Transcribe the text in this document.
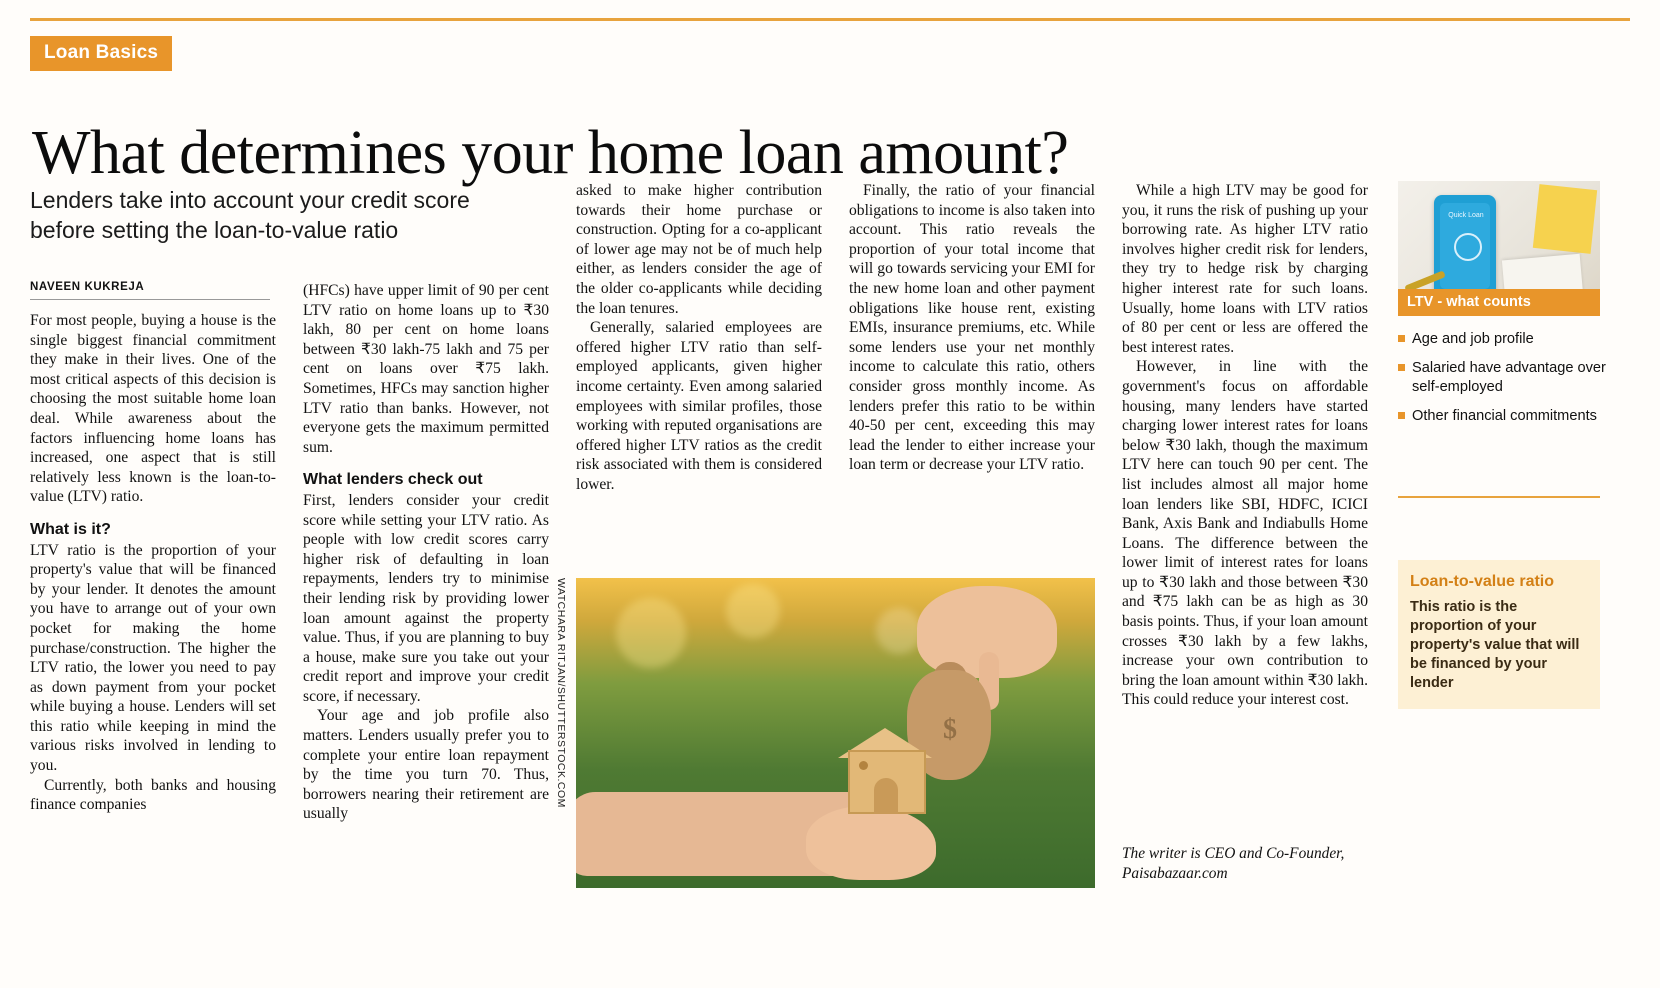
Loan Basics
What determines your home loan amount?
Lenders take into account your credit score before setting the loan-to-value ratio
NAVEEN KUKREJA

For most people, buying a house is the single biggest financial commitment they make in their lives. One of the most critical aspects of this decision is choosing the most suitable home loan deal. While awareness about the factors influencing home loans has increased, one aspect that is still relatively less known is the loan-to-value (LTV) ratio.

What is it?

LTV ratio is the proportion of your property's value that will be financed by your lender. It denotes the amount you have to arrange out of your own pocket for making the home purchase/construction. The higher the LTV ratio, the lower you need to pay as down payment from your pocket while buying a house. Lenders will set this ratio while keeping in mind the various risks involved in lending to you.

Currently, both banks and housing finance companies

(HFCs) have upper limit of 90 per cent LTV ratio on home loans up to ₹30 lakh, 80 per cent on home loans between ₹30 lakh-75 lakh and 75 per cent on loans over ₹75 lakh. Sometimes, HFCs may sanction higher LTV ratio than banks. However, not everyone gets the maximum permitted sum.

What lenders check out

First, lenders consider your credit score while setting your LTV ratio. As people with low credit scores carry higher risk of defaulting in loan repayments, lenders try to minimise their lending risk by providing lower loan amount against the property value. Thus, if you are planning to buy a house, make sure you take out your credit report and improve your credit score, if necessary.

Your age and job profile also matters. Lenders usually prefer you to complete your entire loan repayment by the time you turn 70. Thus, borrowers nearing their retirement are usually

asked to make higher contribution towards their home purchase or construction. Opting for a co-applicant of lower age may not be of much help either, as lenders consider the age of the older co-applicants while deciding the loan tenures.

Generally, salaried employees are offered higher LTV ratio than self-employed applicants, given higher income certainty. Even among salaried employees with similar profiles, those working with reputed organisations are offered higher LTV ratios as the credit risk associated with them is considered lower.

Finally, the ratio of your financial obligations to income is also taken into account. This ratio reveals the proportion of your total income that will go towards servicing your EMI for the new home loan and other payment obligations like house rent, existing EMIs, insurance premiums, etc. While some lenders use your net monthly income to calculate this ratio, others consider gross monthly income. As lenders prefer this ratio to be within 40-50 per cent, exceeding this may lead the lender to either increase your loan term or decrease your LTV ratio.

While a high LTV may be good for you, it runs the risk of pushing up your borrowing rate. As higher LTV ratio involves higher credit risk for lenders, they try to hedge risk by charging higher interest rate for such loans. Usually, home loans with LTV ratios of 80 per cent or less are offered the best interest rates.

However, in line with the government's focus on affordable housing, many lenders have started charging lower interest rates for loans below ₹30 lakh, though the maximum LTV here can touch 90 per cent. The list includes almost all major home loan lenders like SBI, HDFC, ICICI Bank, Axis Bank and Indiabulls Home Loans. The difference between the lower limit of interest rates for loans up to ₹30 lakh and those between ₹30 and ₹75 lakh can be as high as 30 basis points. Thus, if your loan amount crosses ₹30 lakh by a few lakhs, increase your own contribution to bring the loan amount within ₹30 lakh. This could reduce your interest cost.

$
WATCHARA RITJAN/SHUTTERSTOCK.COM
Quick Loan
LTV - what counts
Age and job profile
Salaried have advantage over self-employed
Other financial commitments
Loan-to-value ratio

This ratio is the proportion of your property's value that will be financed by your lender

The writer is CEO and Co-Founder, Paisabazaar.com
